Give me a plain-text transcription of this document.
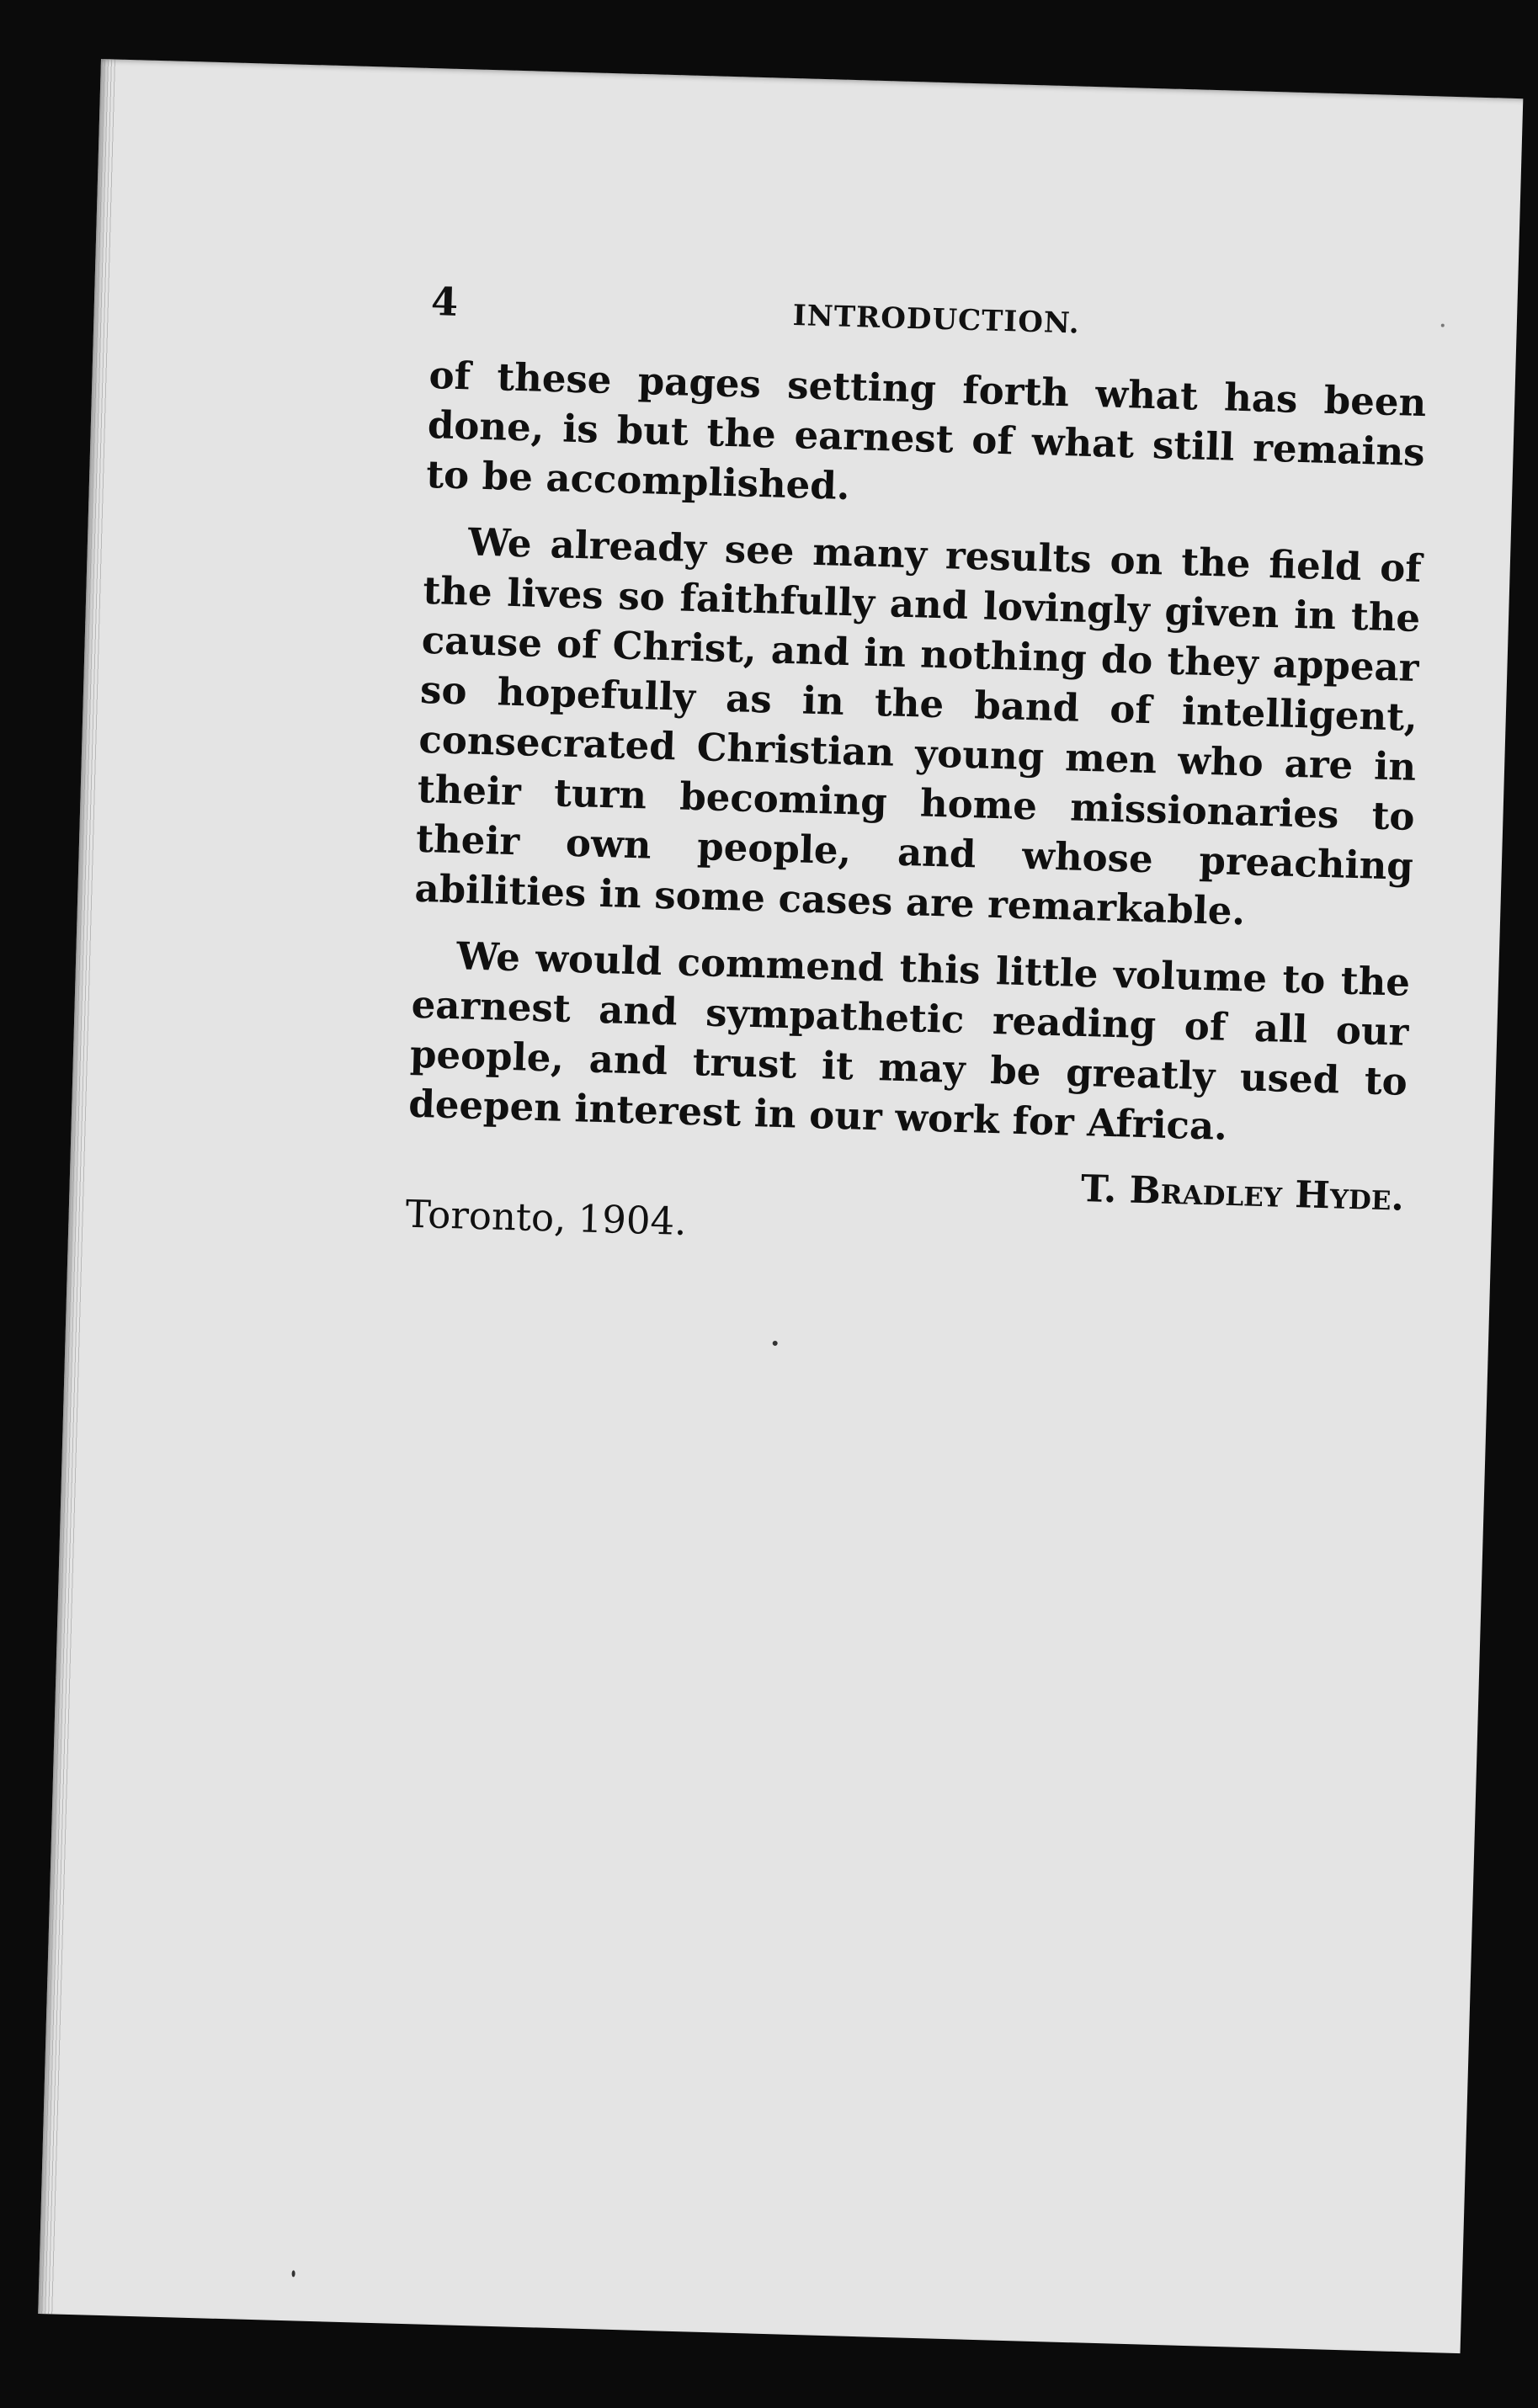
4	INTRODUCTION.

of these pages setting forth what has been done, is but the earnest of what still remains to be accomplished.

We already see many results on the field of the lives so faithfully and lovingly given in the cause of Christ, and in nothing do they appear so hopefully as in the band of intelligent, consecrated Christian young men who are in their turn becoming home missionaries to their own people, and whose preaching abilities in some cases are remarkable.

We would commend this little volume to the earnest and sympathetic reading of all our people, and trust it may be greatly used to deepen interest in our work for Africa.

T. Bradley Hyde.
Toronto, 1904.
